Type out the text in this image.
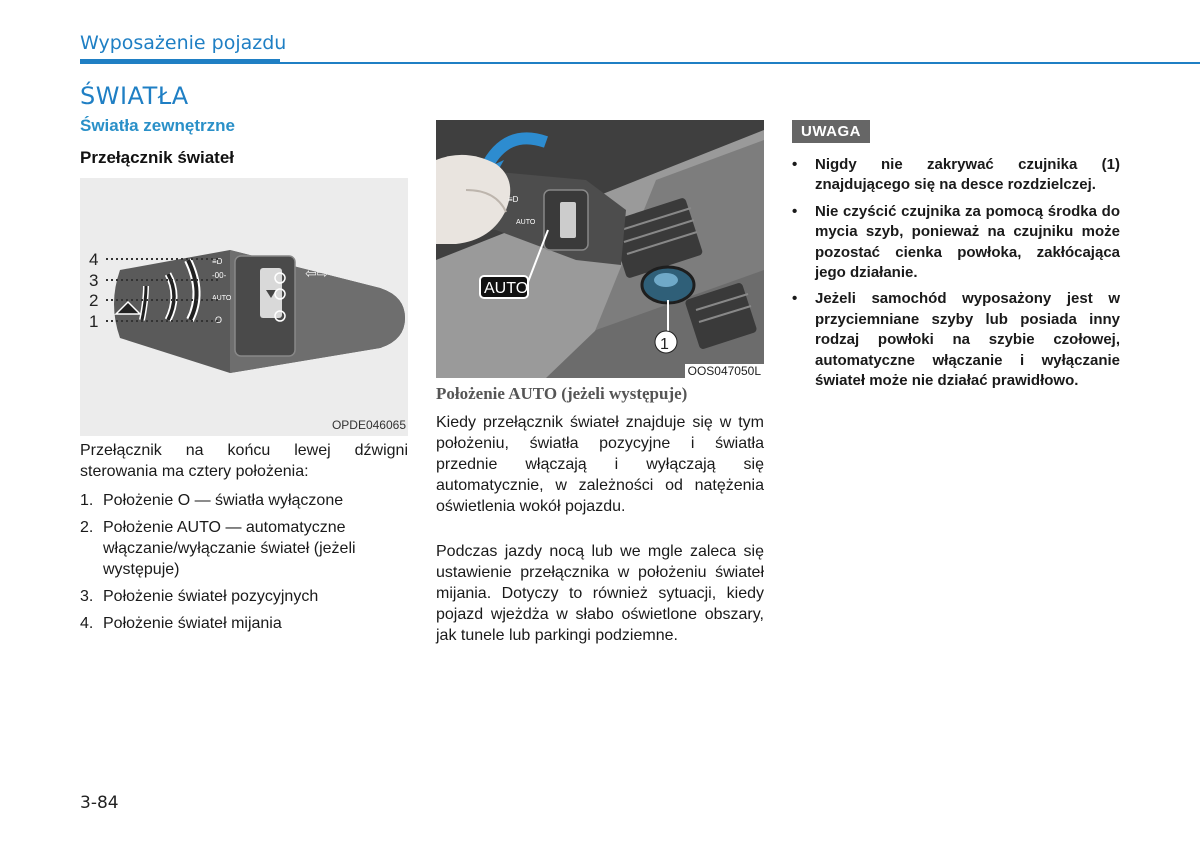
Wyposażenie pojazdu
ŚWIATŁA
Światła zewnętrzne
Przełącznik świateł
≡D
-00-
AUTO
O
4
3
2
1
⇦⇨
OPDE046065

Przełącznik na końcu lewej dźwigni sterowania ma cztery położenia:

1. Położenie O — światła wyłączone
2. Położenie AUTO — automatyczne włączanie/wyłączanie świateł (jeżeli występuje)
3. Położenie świateł pozycyjnych
4. Położenie świateł mijania
1
≡D
AUTO
AUTO
OOS047050L
Położenie AUTO (jeżeli występuje)

Kiedy przełącznik świateł znajduje się w tym położeniu, światła pozycyjne i światła przednie włączają i wyłączają się automatycznie, w zależności od natężenia oświetlenia wokół pojazdu.

Podczas jazdy nocą lub we mgle zaleca się ustawienie przełącznika w położeniu świateł mijania. Dotyczy to również sytuacji, kiedy pojazd wjeżdża w słabo oświetlone obszary, jak tunele lub parkingi podziemne.

UWAGA
• Nigdy nie zakrywać czujnika (1) znajdującego się na desce rozdzielczej.
• Nie czyścić czujnika za pomocą środka do mycia szyb, ponieważ na czujniku może pozostać cienka powłoka, zakłócająca jego działanie.
• Jeżeli samochód wyposażony jest w przyciemniane szyby lub posiada inny rodzaj powłoki na szybie czołowej, automatyczne włączanie i wyłączanie świateł może nie działać prawidłowo.
3-84
